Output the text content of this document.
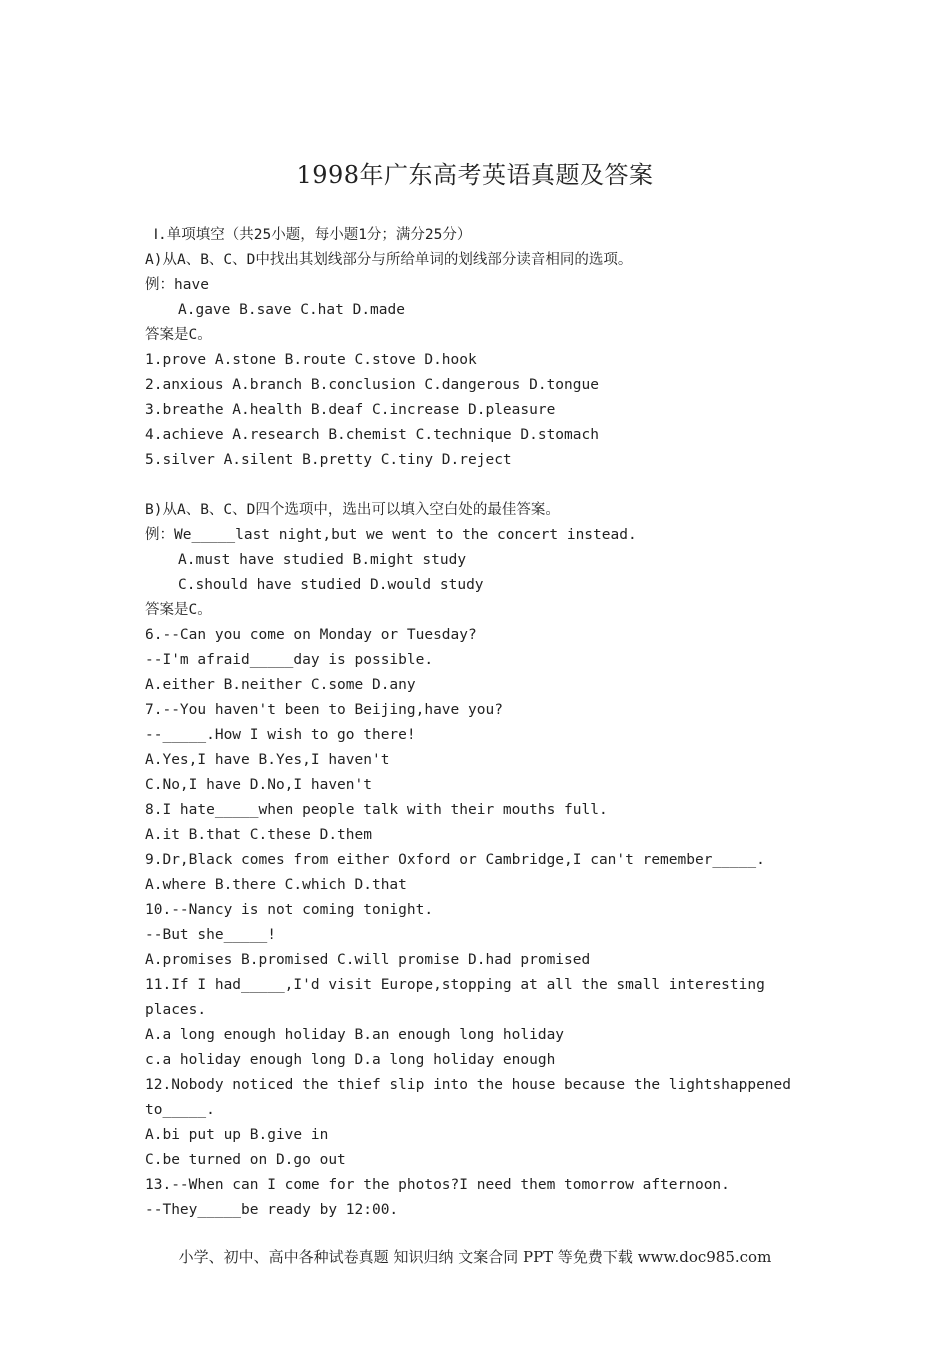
1998年广东高考英语真题及答案
Ⅰ.单项填空（共25小题，每小题1分；满分25分）
A)从A、B、C、D中找出其划线部分与所给单词的划线部分读音相同的选项。
例：have
A.gave B.save C.hat D.made
答案是C。
1.prove A.stone B.route C.stove D.hook
2.anxious A.branch B.conclusion C.dangerous D.tongue
3.breathe A.health B.deaf C.increase D.pleasure
4.achieve A.research B.chemist C.technique D.stomach
5.silver A.silent B.pretty C.tiny D.reject
B)从A、B、C、D四个选项中，选出可以填入空白处的最佳答案。
例：We_____last night,but we went to the concert instead.
A.must have studied B.might study
C.should have studied D.would study
答案是C。
6.--Can you come on Monday or Tuesday?
--I'm afraid_____day is possible.
A.either B.neither C.some D.any
7.--You haven't been to Beijing,have you?
--_____.How I wish to go there!
A.Yes,I have B.Yes,I haven't
C.No,I have D.No,I haven't
8.I hate_____when people talk with their mouths full.
A.it B.that C.these D.them
9.Dr,Black comes from either Oxford or Cambridge,I can't remember_____.
A.where B.there C.which D.that
10.--Nancy is not coming tonight.
--But she_____!
A.promises B.promised C.will promise D.had promised
11.If I had_____,I'd visit Europe,stopping at all the small interesting
places.
A.a long enough holiday B.an enough long holiday
c.a holiday enough long D.a long holiday enough
12.Nobody noticed the thief slip into the house because the lightshappened
to_____.
A.bi put up B.give in
C.be turned on D.go out
13.--When can I come for the photos?I need them tomorrow afternoon.
--They_____be ready by 12:00.
小学、初中、高中各种试卷真题 知识归纳 文案合同 PPT 等免费下载 www.doc985.com
